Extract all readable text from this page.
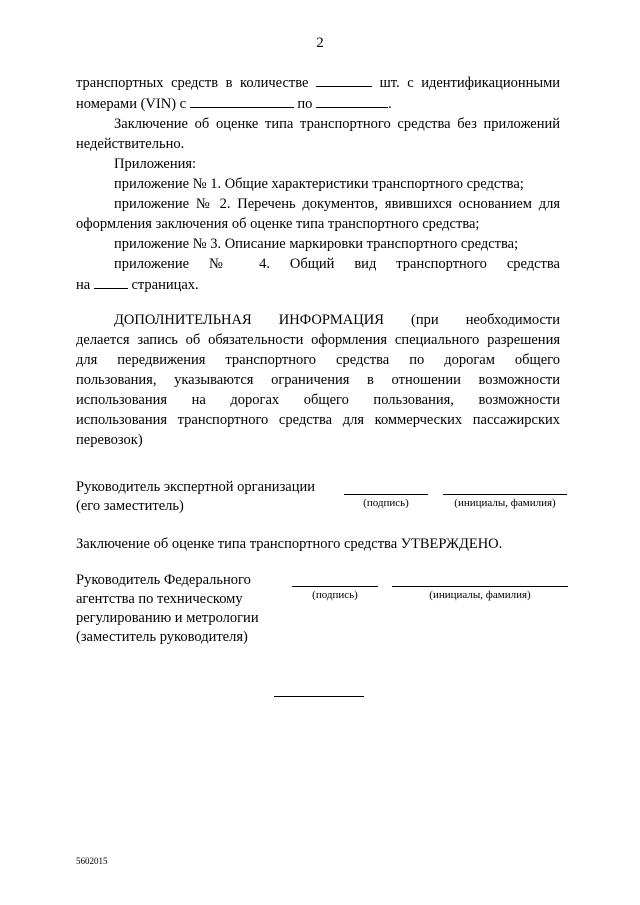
2
транспортных средств в количестве	шт. с идентификационными
номерами (VIN) с	по	.
Заключение об оценке типа транспортного средства без приложений
недействительно.
Приложения:
приложение № 1. Общие характеристики транспортного средства;
приложение № 2. Перечень документов, явившихся основанием для
оформления заключения об оценке типа транспортного средства;
приложение № 3. Описание маркировки транспортного средства;
приложение № 4. Общий вид транспортного средства
на	страницах.
ДОПОЛНИТЕЛЬНАЯ ИНФОРМАЦИЯ (при необходимости
делается запись об обязательности оформления специального разрешения
для передвижения транспортного средства по дорогам общего
пользования, указываются ограничения в отношении возможности
использования на дорогах общего пользования, возможности
использования транспортного средства для коммерческих пассажирских
перевозок)
Руководитель экспертной организации
(его заместитель)	(подпись)	(инициалы, фамилия)
Заключение об оценке типа транспортного средства УТВЕРЖДЕНО.
Руководитель Федерального
агентства по техническому
регулированию и метрологии
(заместитель руководителя)
(подпись)	(инициалы, фамилия)
5602015
